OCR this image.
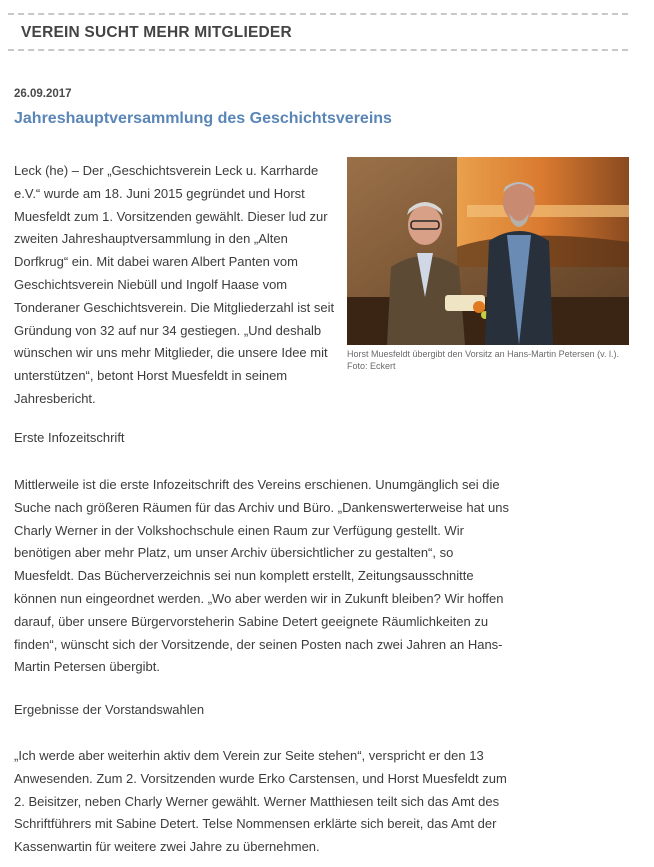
VEREIN SUCHT MEHR MITGLIEDER
26.09.2017
Jahreshauptversammlung des Geschichtsvereins

Leck (he) – Der „Geschichtsverein Leck u. Karrharde e.V.“ wurde am 18. Juni 2015 gegründet und Horst Muesfeldt zum 1. Vorsitzenden gewählt. Dieser lud zur zweiten Jahreshauptversammlung in den „Alten Dorfkrug“ ein. Mit dabei waren Albert Panten vom Geschichtsverein Niebüll und Ingolf Haase vom Tonderaner Geschichtsverein. Die Mitgliederzahl ist seit Gründung von 32 auf nur 34 gestiegen. „Und deshalb wünschen wir uns mehr Mitglieder, die unsere Idee mit unterstützen“, betont Horst Muesfeldt in seinem Jahresbericht.

Horst Muesfeldt übergibt den Vorsitz an Hans-Martin Petersen (v. l.). Foto: Eckert

Erste Infozeitschrift

Mittlerweile ist die erste Infozeitschrift des Vereins erschienen. Unumgänglich sei die Suche nach größeren Räumen für das Archiv und Büro. „Dankenswerterweise hat uns Charly Werner in der Volkshochschule einen Raum zur Verfügung gestellt. Wir benötigen aber mehr Platz, um unser Archiv übersichtlicher zu gestalten“, so Muesfeldt. Das Bücherverzeichnis sei nun komplett erstellt, Zeitungsausschnitte können nun eingeordnet werden. „Wo aber werden wir in Zukunft bleiben? Wir hoffen darauf, über unsere Bürgervorsteherin Sabine Detert geeignete Räumlichkeiten zu finden“, wünscht sich der Vorsitzende, der seinen Posten nach zwei Jahren an Hans-Martin Petersen übergibt.

Ergebnisse der Vorstandswahlen

„Ich werde aber weiterhin aktiv dem Verein zur Seite stehen“, verspricht er den 13 Anwesenden. Zum 2. Vorsitzenden wurde Erko Carstensen, und Horst Muesfeldt zum 2. Beisitzer, neben Charly Werner gewählt. Werner Matthiesen teilt sich das Amt des Schriftführers mit Sabine Detert. Telse Nommensen erklärte sich bereit, das Amt der Kassenwartin für weitere zwei Jahre zu übernehmen.
